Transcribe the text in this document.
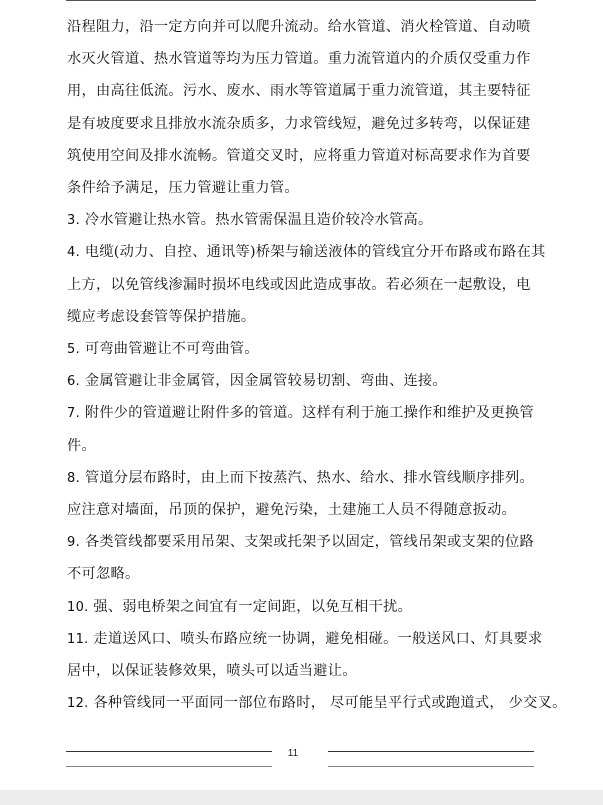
沿程阻力，沿一定方向并可以爬升流动。给水管道、消火栓管道、自动喷
水灭火管道、热水管道等均为压力管道。重力流管道内的介质仅受重力作
用，由高往低流。污水、废水、雨水等管道属于重力流管道，其主要特征
是有坡度要求且排放水流杂质多，力求管线短，避免过多转弯，以保证建
筑使用空间及排水流畅。管道交叉时，应将重力管道对标高要求作为首要
条件给予满足，压力管避让重力管。
3. 冷水管避让热水管。热水管需保温且造价较冷水管高。
4. 电缆(动力、自控、通讯等)桥架与输送液体的管线宜分开布路或布路在其
上方，以免管线渗漏时损坏电线或因此造成事故。若必须在一起敷设，电
缆应考虑设套管等保护措施。
5. 可弯曲管避让不可弯曲管。
6. 金属管避让非金属管，因金属管较易切割、弯曲、连接。
7. 附件少的管道避让附件多的管道。这样有利于施工操作和维护及更换管
件。
8. 管道分层布路时，由上而下按蒸汽、热水、给水、排水管线顺序排列。
应注意对墙面，吊顶的保护，避免污染，土建施工人员不得随意扳动。
9. 各类管线都要采用吊架、支架或托架予以固定，管线吊架或支架的位路
不可忽略。
10. 强、弱电桥架之间宜有一定间距，以免互相干扰。
11. 走道送风口、喷头布路应统一协调，避免相碰。一般送风口、灯具要求
居中，以保证装修效果，喷头可以适当避让。
12. 各种管线同一平面同一部位布路时， 尽可能呈平行式或跑道式， 少交叉。
11
